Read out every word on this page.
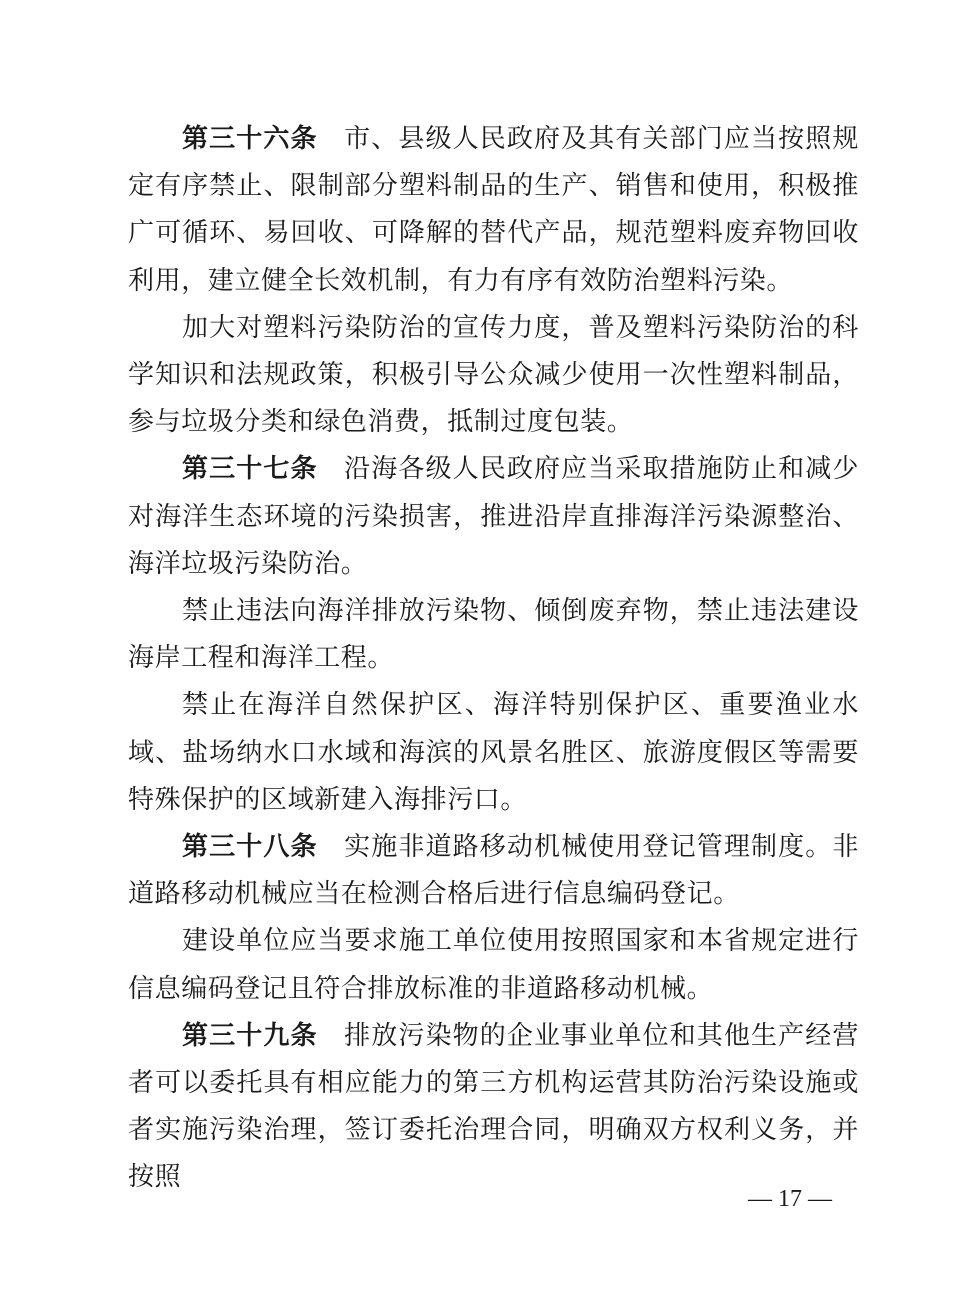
第三十六条 市、县级人民政府及其有关部门应当按照规定有序禁止、限制部分塑料制品的生产、销售和使用，积极推广可循环、易回收、可降解的替代产品，规范塑料废弃物回收利用，建立健全长效机制，有力有序有效防治塑料污染。

加大对塑料污染防治的宣传力度，普及塑料污染防治的科学知识和法规政策，积极引导公众减少使用一次性塑料制品，参与垃圾分类和绿色消费，抵制过度包装。

第三十七条 沿海各级人民政府应当采取措施防止和减少对海洋生态环境的污染损害，推进沿岸直排海洋污染源整治、海洋垃圾污染防治。

禁止违法向海洋排放污染物、倾倒废弃物，禁止违法建设海岸工程和海洋工程。

禁止在海洋自然保护区、海洋特别保护区、重要渔业水域、盐场纳水口水域和海滨的风景名胜区、旅游度假区等需要特殊保护的区域新建入海排污口。

第三十八条 实施非道路移动机械使用登记管理制度。非道路移动机械应当在检测合格后进行信息编码登记。

建设单位应当要求施工单位使用按照国家和本省规定进行信息编码登记且符合排放标准的非道路移动机械。

第三十九条 排放污染物的企业事业单位和其他生产经营者可以委托具有相应能力的第三方机构运营其防治污染设施或者实施污染治理，签订委托治理合同，明确双方权利义务，并按照

— 17 —
